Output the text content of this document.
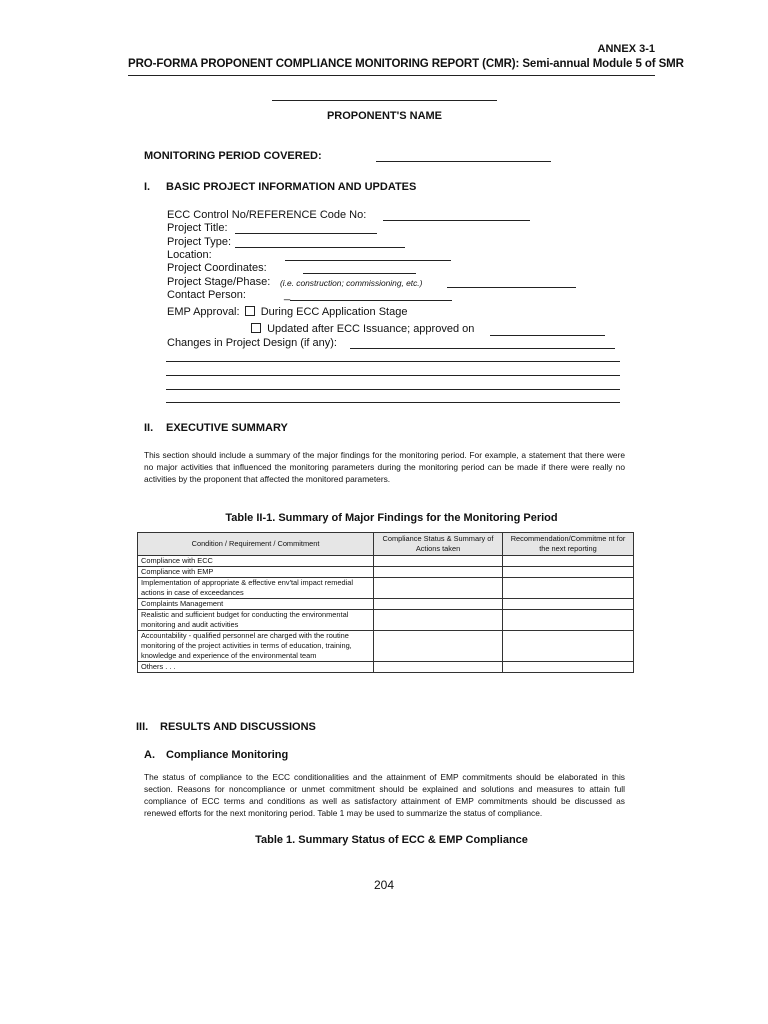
ANNEX 3-1
PRO-FORMA PROPONENT COMPLIANCE MONITORING REPORT (CMR): Semi-annual Module 5 of SMR
PROPONENT'S NAME
MONITORING PERIOD COVERED:
I. BASIC PROJECT INFORMATION AND UPDATES
ECC Control No/REFERENCE Code No:
Project Title:
Project Type:
Location:
Project Coordinates:
Project Stage/Phase: (i.e. construction; commissioning, etc.)
Contact Person:	_
EMP Approval: During ECC Application Stage
Updated after ECC Issuance; approved on
Changes in Project Design (if any):
II. EXECUTIVE SUMMARY
This section should include a summary of the major findings for the monitoring period. For example, a statement that there were no major activities that influenced the monitoring parameters during the monitoring period can be made if there were really no activities by the proponent that affected the monitored parameters.
Table II-1. Summary of Major Findings for the Monitoring Period
Condition / Requirement / Commitment	Compliance Status & Summary of Actions taken	Recommendation/Commitme nt for the next reporting
Compliance with ECC		
Compliance with EMP		
Implementation of appropriate & effective env'tal impact remedial actions in case of exceedances		
Complaints Management		
Realistic and sufficient budget for conducting the environmental monitoring and audit activities		
Accountability - qualified personnel are charged with the routine monitoring of the project activities in terms of education, training, knowledge and experience of the environmental team		
Others . . .		
III. RESULTS AND DISCUSSIONS
A. Compliance Monitoring
The status of compliance to the ECC conditionalities and the attainment of EMP commitments should be elaborated in this section. Reasons for noncompliance or unmet commitment should be explained and solutions and measures to attain full compliance of ECC terms and conditions as well as satisfactory attainment of EMP commitments should be discussed as renewed efforts for the next monitoring period. Table 1 may be used to summarize the status of compliance.
Table 1. Summary Status of ECC & EMP Compliance
204
